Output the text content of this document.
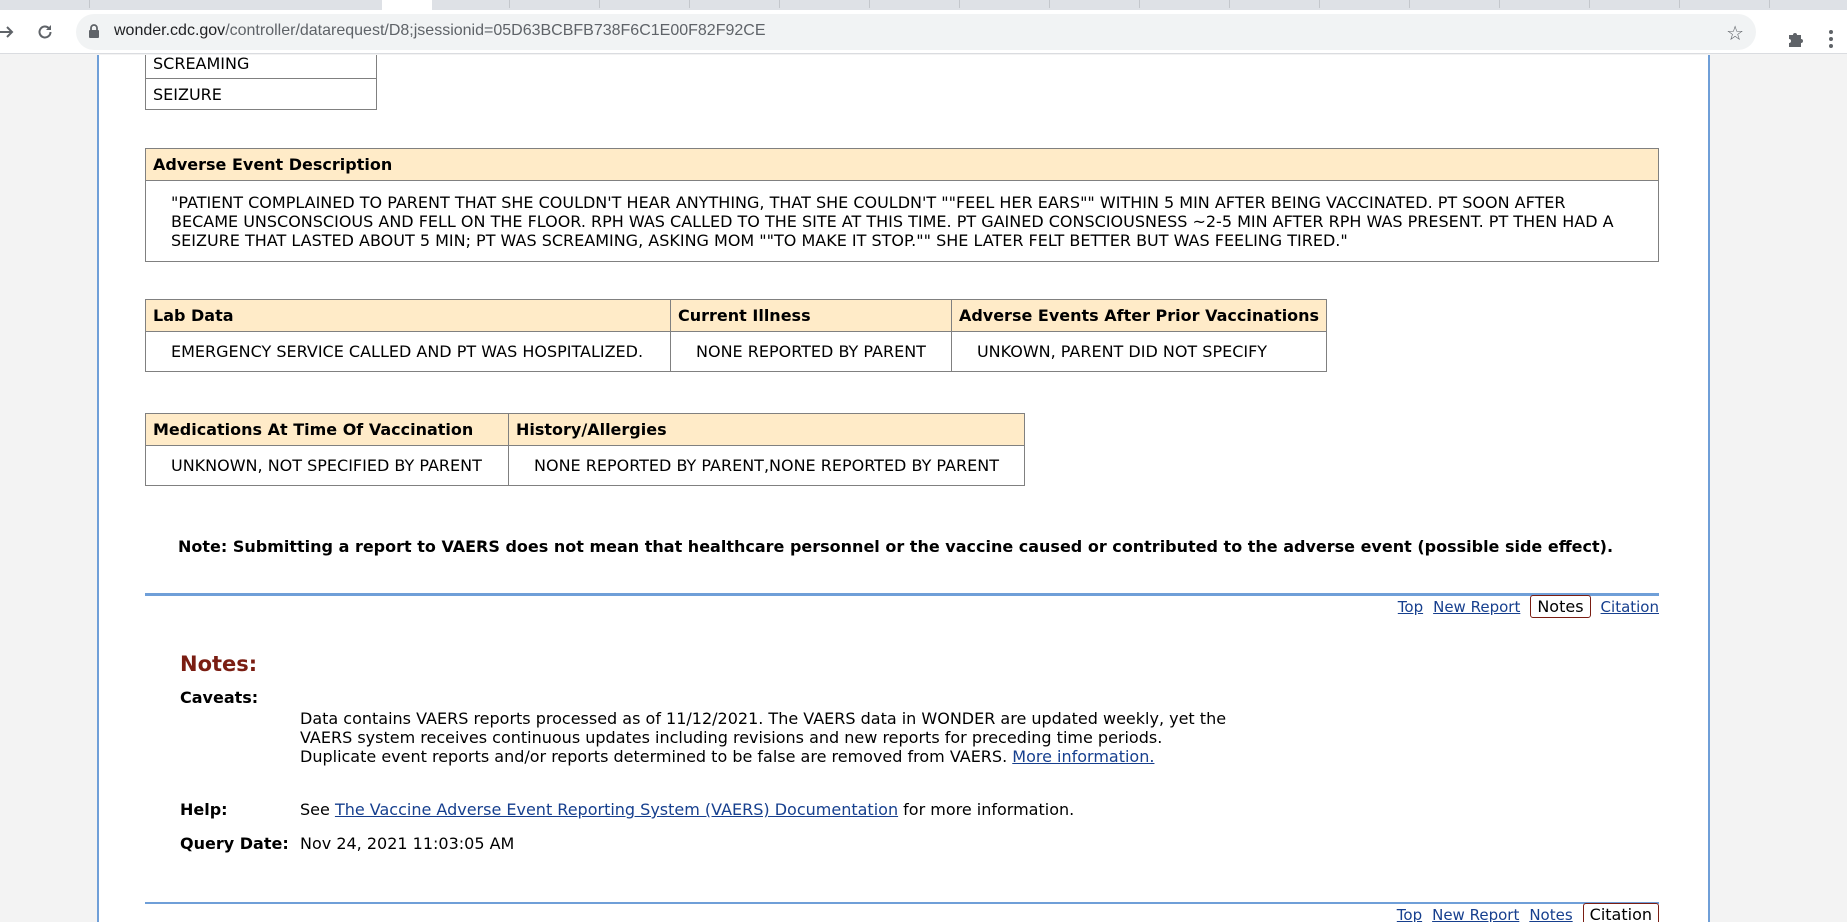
wonder.cdc.gov/controller/datarequest/D8;jsessionid=05D63BCBFB738F6C1E00F82F92CE	☆
SCREAMING
SEIZURE
Adverse Event Description
"PATIENT COMPLAINED TO PARENT THAT SHE COULDN'T HEAR ANYTHING, THAT SHE COULDN'T ""FEEL HER EARS"" WITHIN 5 MIN AFTER BEING VACCINATED. PT SOON AFTER BECAME UNSCONSCIOUS AND FELL ON THE FLOOR. RPH WAS CALLED TO THE SITE AT THIS TIME. PT GAINED CONSCIOUSNESS ~2-5 MIN AFTER RPH WAS PRESENT. PT THEN HAD A SEIZURE THAT LASTED ABOUT 5 MIN; PT WAS SCREAMING, ASKING MOM ""TO MAKE IT STOP."" SHE LATER FELT BETTER BUT WAS FEELING TIRED."
Lab Data	Current Illness	Adverse Events After Prior Vaccinations
EMERGENCY SERVICE CALLED AND PT WAS HOSPITALIZED.	NONE REPORTED BY PARENT	UNKOWN, PARENT DID NOT SPECIFY
Medications At Time Of Vaccination	History/Allergies
UNKNOWN, NOT SPECIFIED BY PARENT	NONE REPORTED BY PARENT,NONE REPORTED BY PARENT
Note: Submitting a report to VAERS does not mean that healthcare personnel or the vaccine caused or contributed to the adverse event (possible side effect).
Top New Report	Notes	Citation
Notes:
Caveats:
Data contains VAERS reports processed as of 11/12/2021. The VAERS data in WONDER are updated weekly, yet the VAERS system receives continuous updates including revisions and new reports for preceding time periods. Duplicate event reports and/or reports determined to be false are removed from VAERS. More information.
Help:	See The Vaccine Adverse Event Reporting System (VAERS) Documentation for more information.
Query Date: Nov 24, 2021 11:03:05 AM
Top New Report Notes	Citation
